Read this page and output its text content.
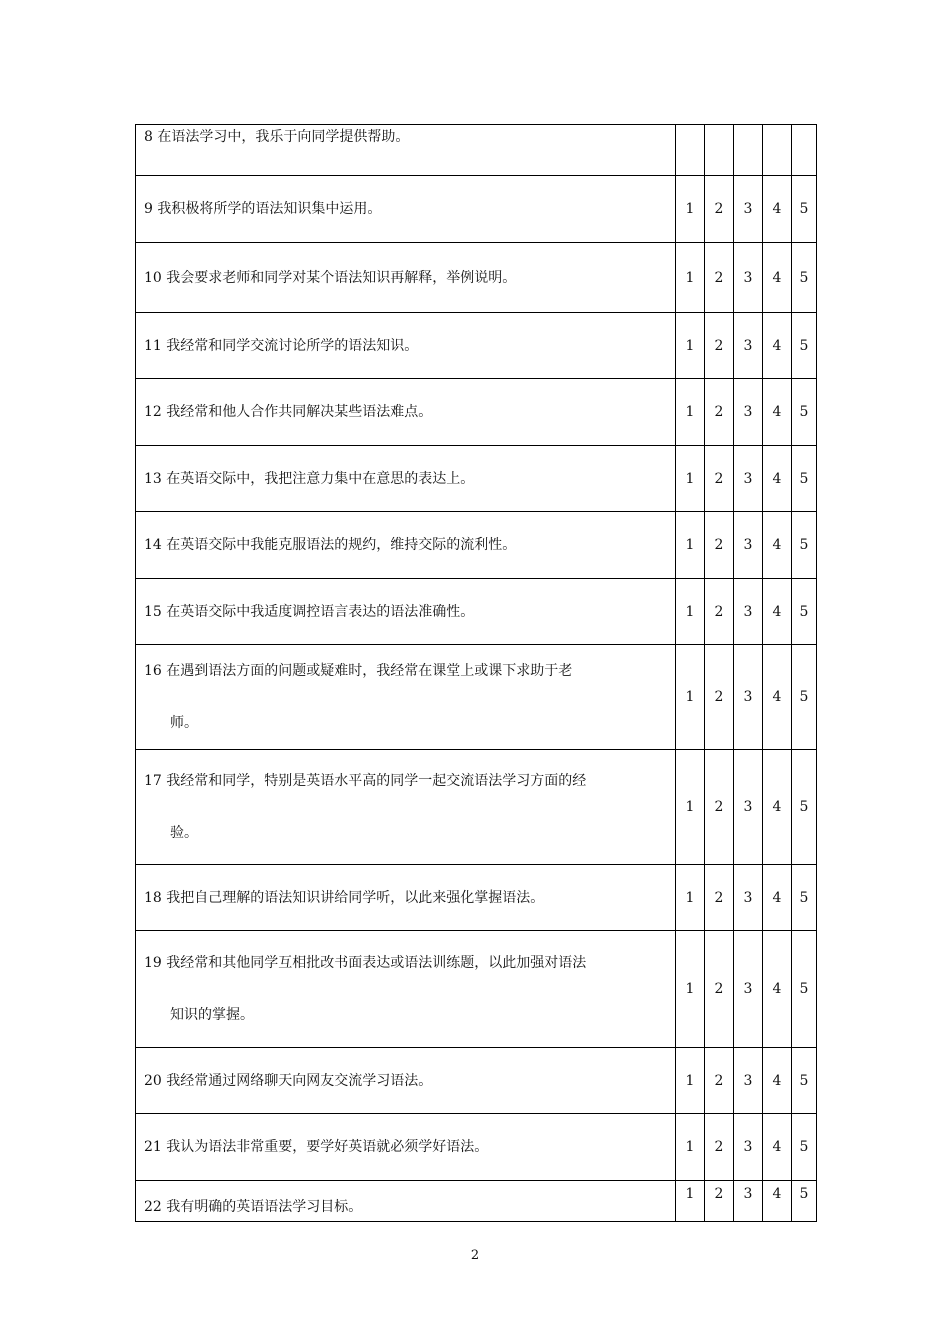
8 在语法学习中，我乐于向同学提供帮助。					

9 我积极将所学的语法知识集中运用。	1	2	3	4	5

10 我会要求老师和同学对某个语法知识再解释，举例说明。	1	2	3	4	5

11 我经常和同学交流讨论所学的语法知识。	1	2	3	4	5

12 我经常和他人合作共同解决某些语法难点。	1	2	3	4	5

13 在英语交际中，我把注意力集中在意思的表达上。	1	2	3	4	5

14 在英语交际中我能克服语法的规约，维持交际的流利性。	1	2	3	4	5

15 在英语交际中我适度调控语言表达的语法准确性。	1	2	3	4	5

16 在遇到语法方面的问题或疑难时，我经常在课堂上或课下求助于老
师。	1	2	3	4	5

17 我经常和同学，特别是英语水平高的同学一起交流语法学习方面的经
验。	1	2	3	4	5

18 我把自己理解的语法知识讲给同学听，以此来强化掌握语法。	1	2	3	4	5

19 我经常和其他同学互相批改书面表达或语法训练题，以此加强对语法
知识的掌握。	1	2	3	4	5

20 我经常通过网络聊天向网友交流学习语法。	1	2	3	4	5

21 我认为语法非常重要，要学好英语就必须学好语法。	1	2	3	4	5

22 我有明确的英语语法学习目标。	1	2	3	4	5
2
